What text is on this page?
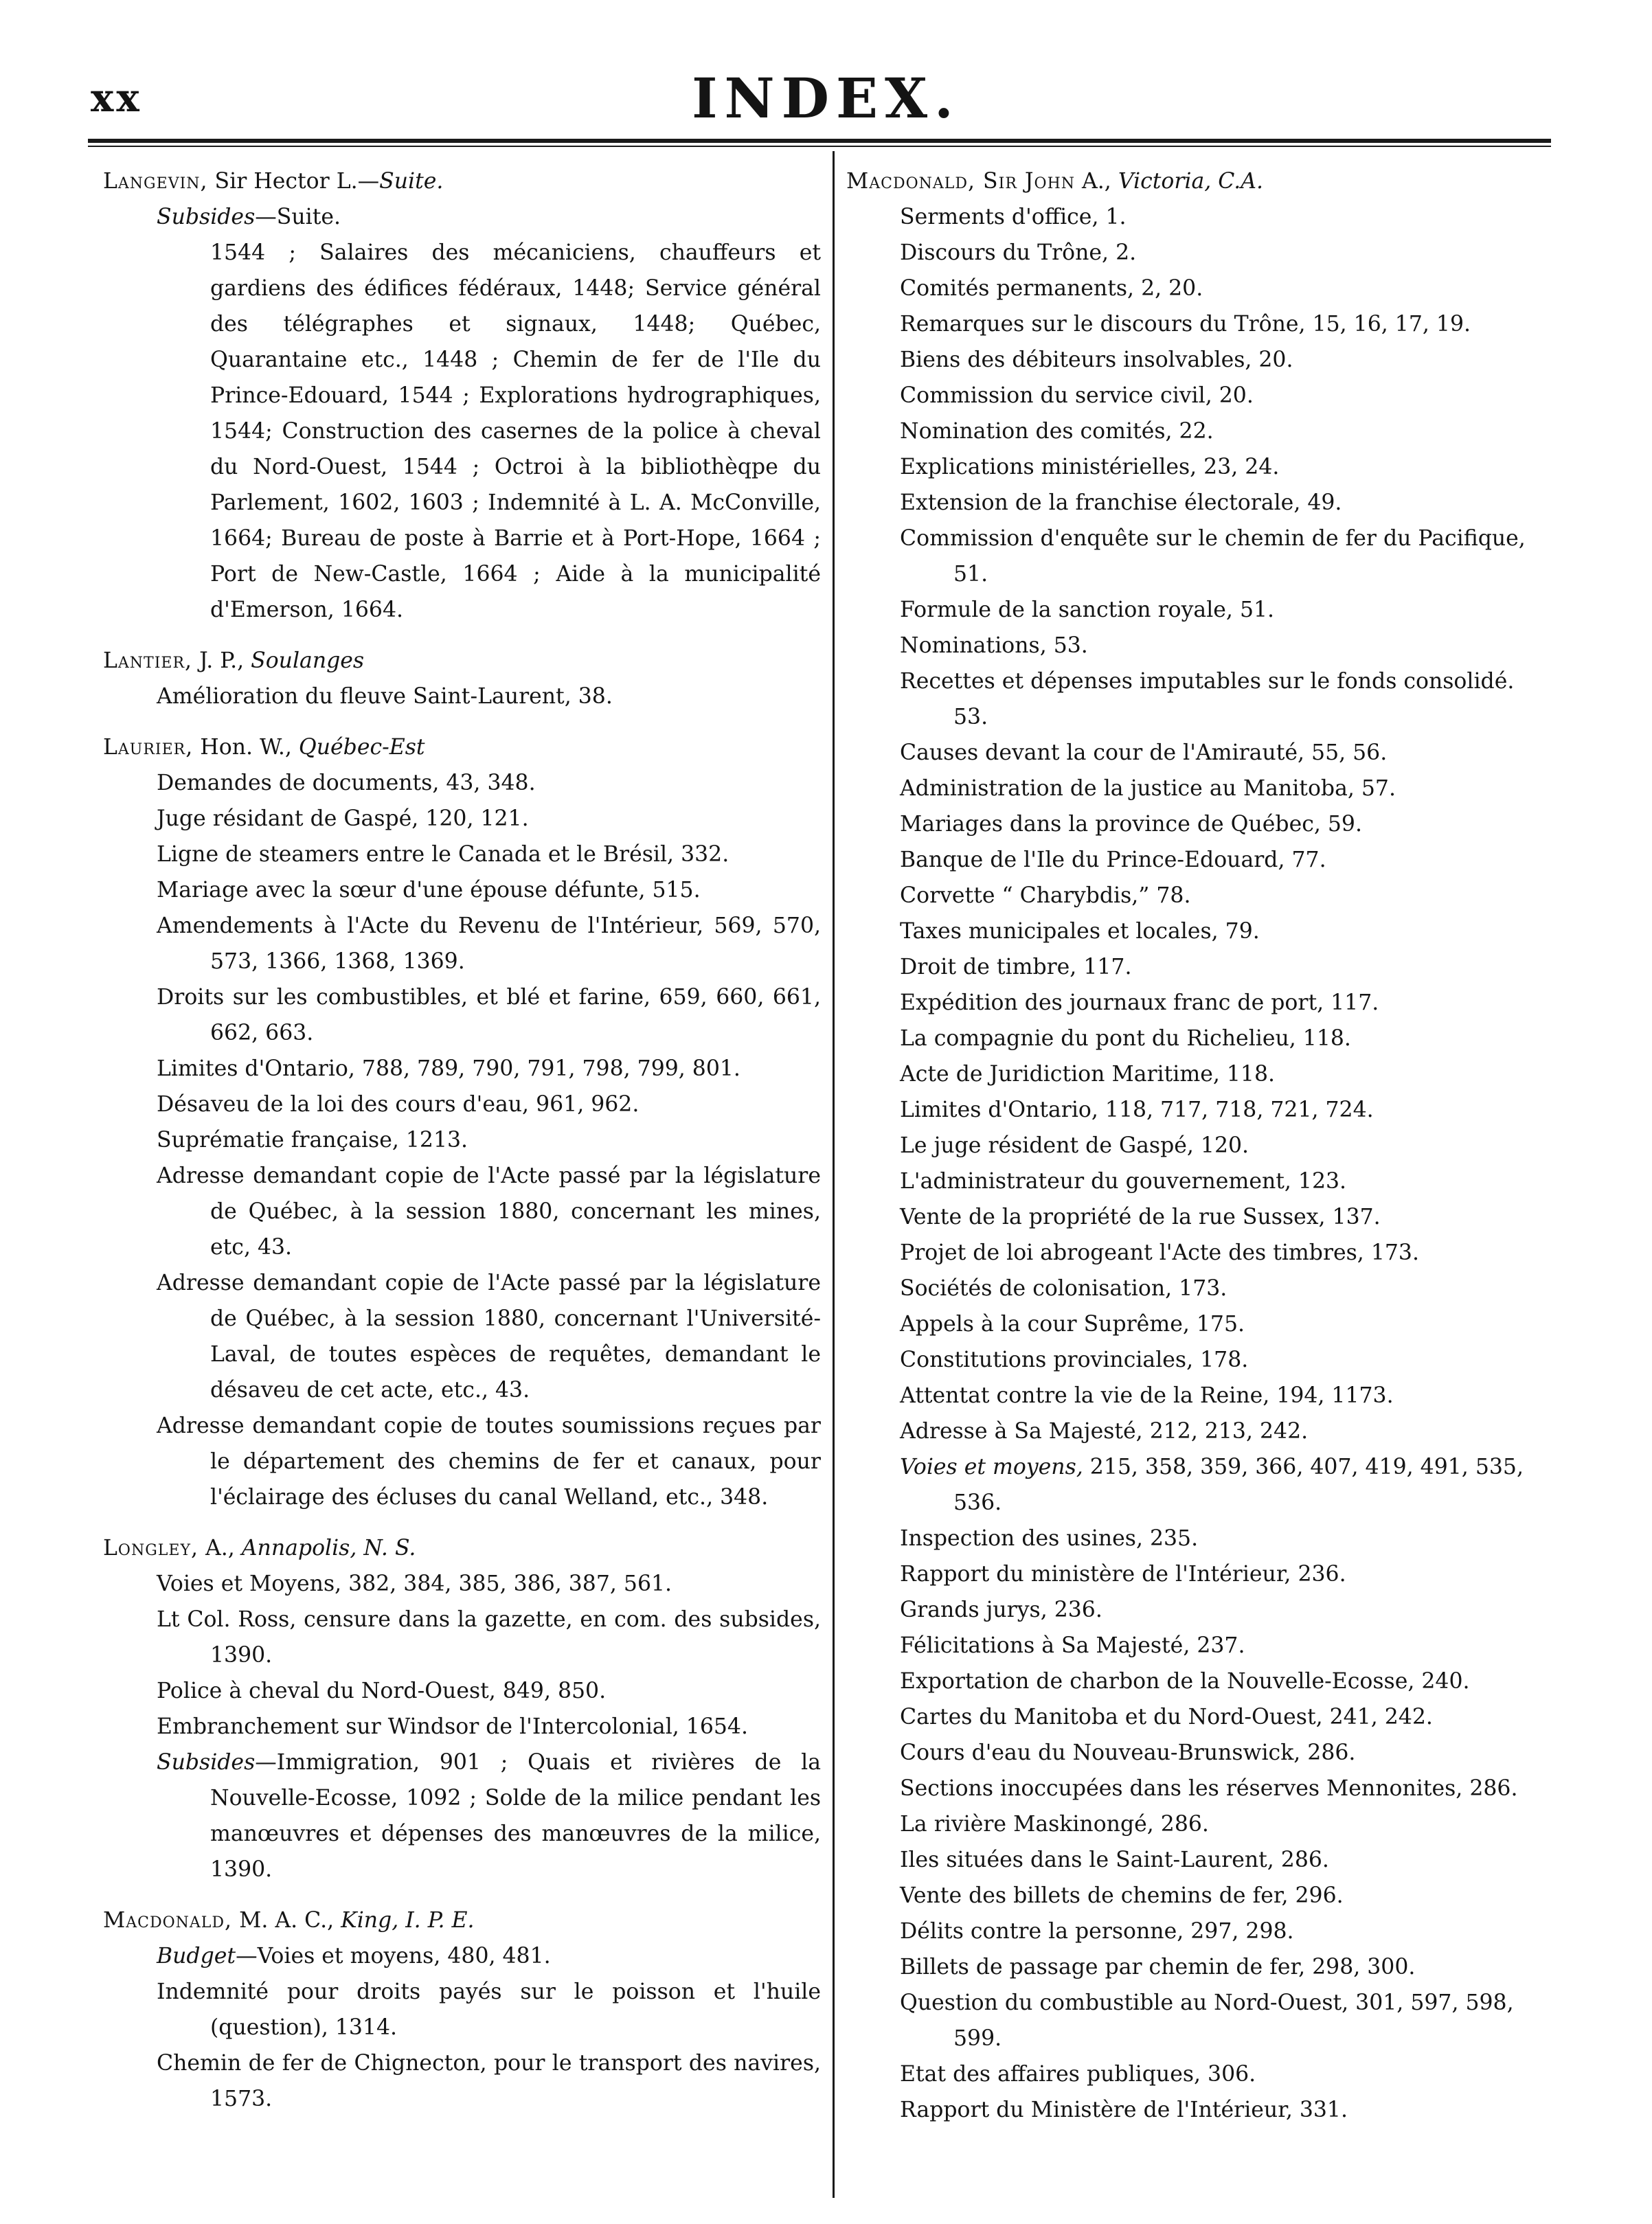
xx	INDEX.
Langevin, Sir Hector L.—Suite.
Subsides—Suite.
1544 ; Salaires des mécaniciens, chauffeurs et gardiens des édifices fédéraux, 1448; Service général des télégraphes et signaux, 1448; Québec, Quarantaine etc., 1448 ; Chemin de fer de l'Ile du Prince-Edouard, 1544 ; Explorations hydrographiques, 1544; Construction des casernes de la police à cheval du Nord-Ouest, 1544 ; Octroi à la bibliothèqpe du Parlement, 1602, 1603 ; Indemnité à L. A. McConville, 1664; Bureau de poste à Barrie et à Port-Hope, 1664 ; Port de New-Castle, 1664 ; Aide à la municipalité d'Emerson, 1664.
Lantier, J. P., Soulanges
Amélioration du fleuve Saint-Laurent, 38.
Laurier, Hon. W., Québec-Est
Demandes de documents, 43, 348.
Juge résidant de Gaspé, 120, 121.
Ligne de steamers entre le Canada et le Brésil, 332.
Mariage avec la sœur d'une épouse défunte, 515.
Amendements à l'Acte du Revenu de l'Intérieur, 569, 570, 573, 1366, 1368, 1369.
Droits sur les combustibles, et blé et farine, 659, 660, 661, 662, 663.
Limites d'Ontario, 788, 789, 790, 791, 798, 799, 801.
Désaveu de la loi des cours d'eau, 961, 962.
Suprématie française, 1213.
Adresse demandant copie de l'Acte passé par la législature de Québec, à la session 1880, concernant les mines, etc, 43.
Adresse demandant copie de l'Acte passé par la législature de Québec, à la session 1880, concernant l'Université-Laval, de toutes espèces de requêtes, demandant le désaveu de cet acte, etc., 43.
Adresse demandant copie de toutes soumissions reçues par le département des chemins de fer et canaux, pour l'éclairage des écluses du canal Welland, etc., 348.
Longley, A., Annapolis, N. S.
Voies et Moyens, 382, 384, 385, 386, 387, 561.
Lt Col. Ross, censure dans la gazette, en com. des subsides, 1390.
Police à cheval du Nord-Ouest, 849, 850.
Embranchement sur Windsor de l'Intercolonial, 1654.
Subsides—Immigration, 901 ; Quais et rivières de la Nouvelle-Ecosse, 1092 ; Solde de la milice pendant les manœuvres et dépenses des manœuvres de la milice, 1390.
Macdonald, M. A. C., King, I. P. E.
Budget—Voies et moyens, 480, 481.
Indemnité pour droits payés sur le poisson et l'huile (question), 1314.
Chemin de fer de Chignecton, pour le transport des navires, 1573.
Macdonald, Sir John A., Victoria, C.A.
Serments d'office, 1.
Discours du Trône, 2.
Comités permanents, 2, 20.
Remarques sur le discours du Trône, 15, 16, 17, 19.
Biens des débiteurs insolvables, 20.
Commission du service civil, 20.
Nomination des comités, 22.
Explications ministérielles, 23, 24.
Extension de la franchise électorale, 49.
Commission d'enquête sur le chemin de fer du Pacifique, 51.
Formule de la sanction royale, 51.
Nominations, 53.
Recettes et dépenses imputables sur le fonds consolidé. 53.
Causes devant la cour de l'Amirauté, 55, 56.
Administration de la justice au Manitoba, 57.
Mariages dans la province de Québec, 59.
Banque de l'Ile du Prince-Edouard, 77.
Corvette “ Charybdis,” 78.
Taxes municipales et locales, 79.
Droit de timbre, 117.
Expédition des journaux franc de port, 117.
La compagnie du pont du Richelieu, 118.
Acte de Juridiction Maritime, 118.
Limites d'Ontario, 118, 717, 718, 721, 724.
Le juge résident de Gaspé, 120.
L'administrateur du gouvernement, 123.
Vente de la propriété de la rue Sussex, 137.
Projet de loi abrogeant l'Acte des timbres, 173.
Sociétés de colonisation, 173.
Appels à la cour Suprême, 175.
Constitutions provinciales, 178.
Attentat contre la vie de la Reine, 194, 1173.
Adresse à Sa Majesté, 212, 213, 242.
Voies et moyens, 215, 358, 359, 366, 407, 419, 491, 535, 536.
Inspection des usines, 235.
Rapport du ministère de l'Intérieur, 236.
Grands jurys, 236.
Félicitations à Sa Majesté, 237.
Exportation de charbon de la Nouvelle-Ecosse, 240.
Cartes du Manitoba et du Nord-Ouest, 241, 242.
Cours d'eau du Nouveau-Brunswick, 286.
Sections inoccupées dans les réserves Mennonites, 286.
La rivière Maskinongé, 286.
Iles situées dans le Saint-Laurent, 286.
Vente des billets de chemins de fer, 296.
Délits contre la personne, 297, 298.
Billets de passage par chemin de fer, 298, 300.
Question du combustible au Nord-Ouest, 301, 597, 598, 599.
Etat des affaires publiques, 306.
Rapport du Ministère de l'Intérieur, 331.
